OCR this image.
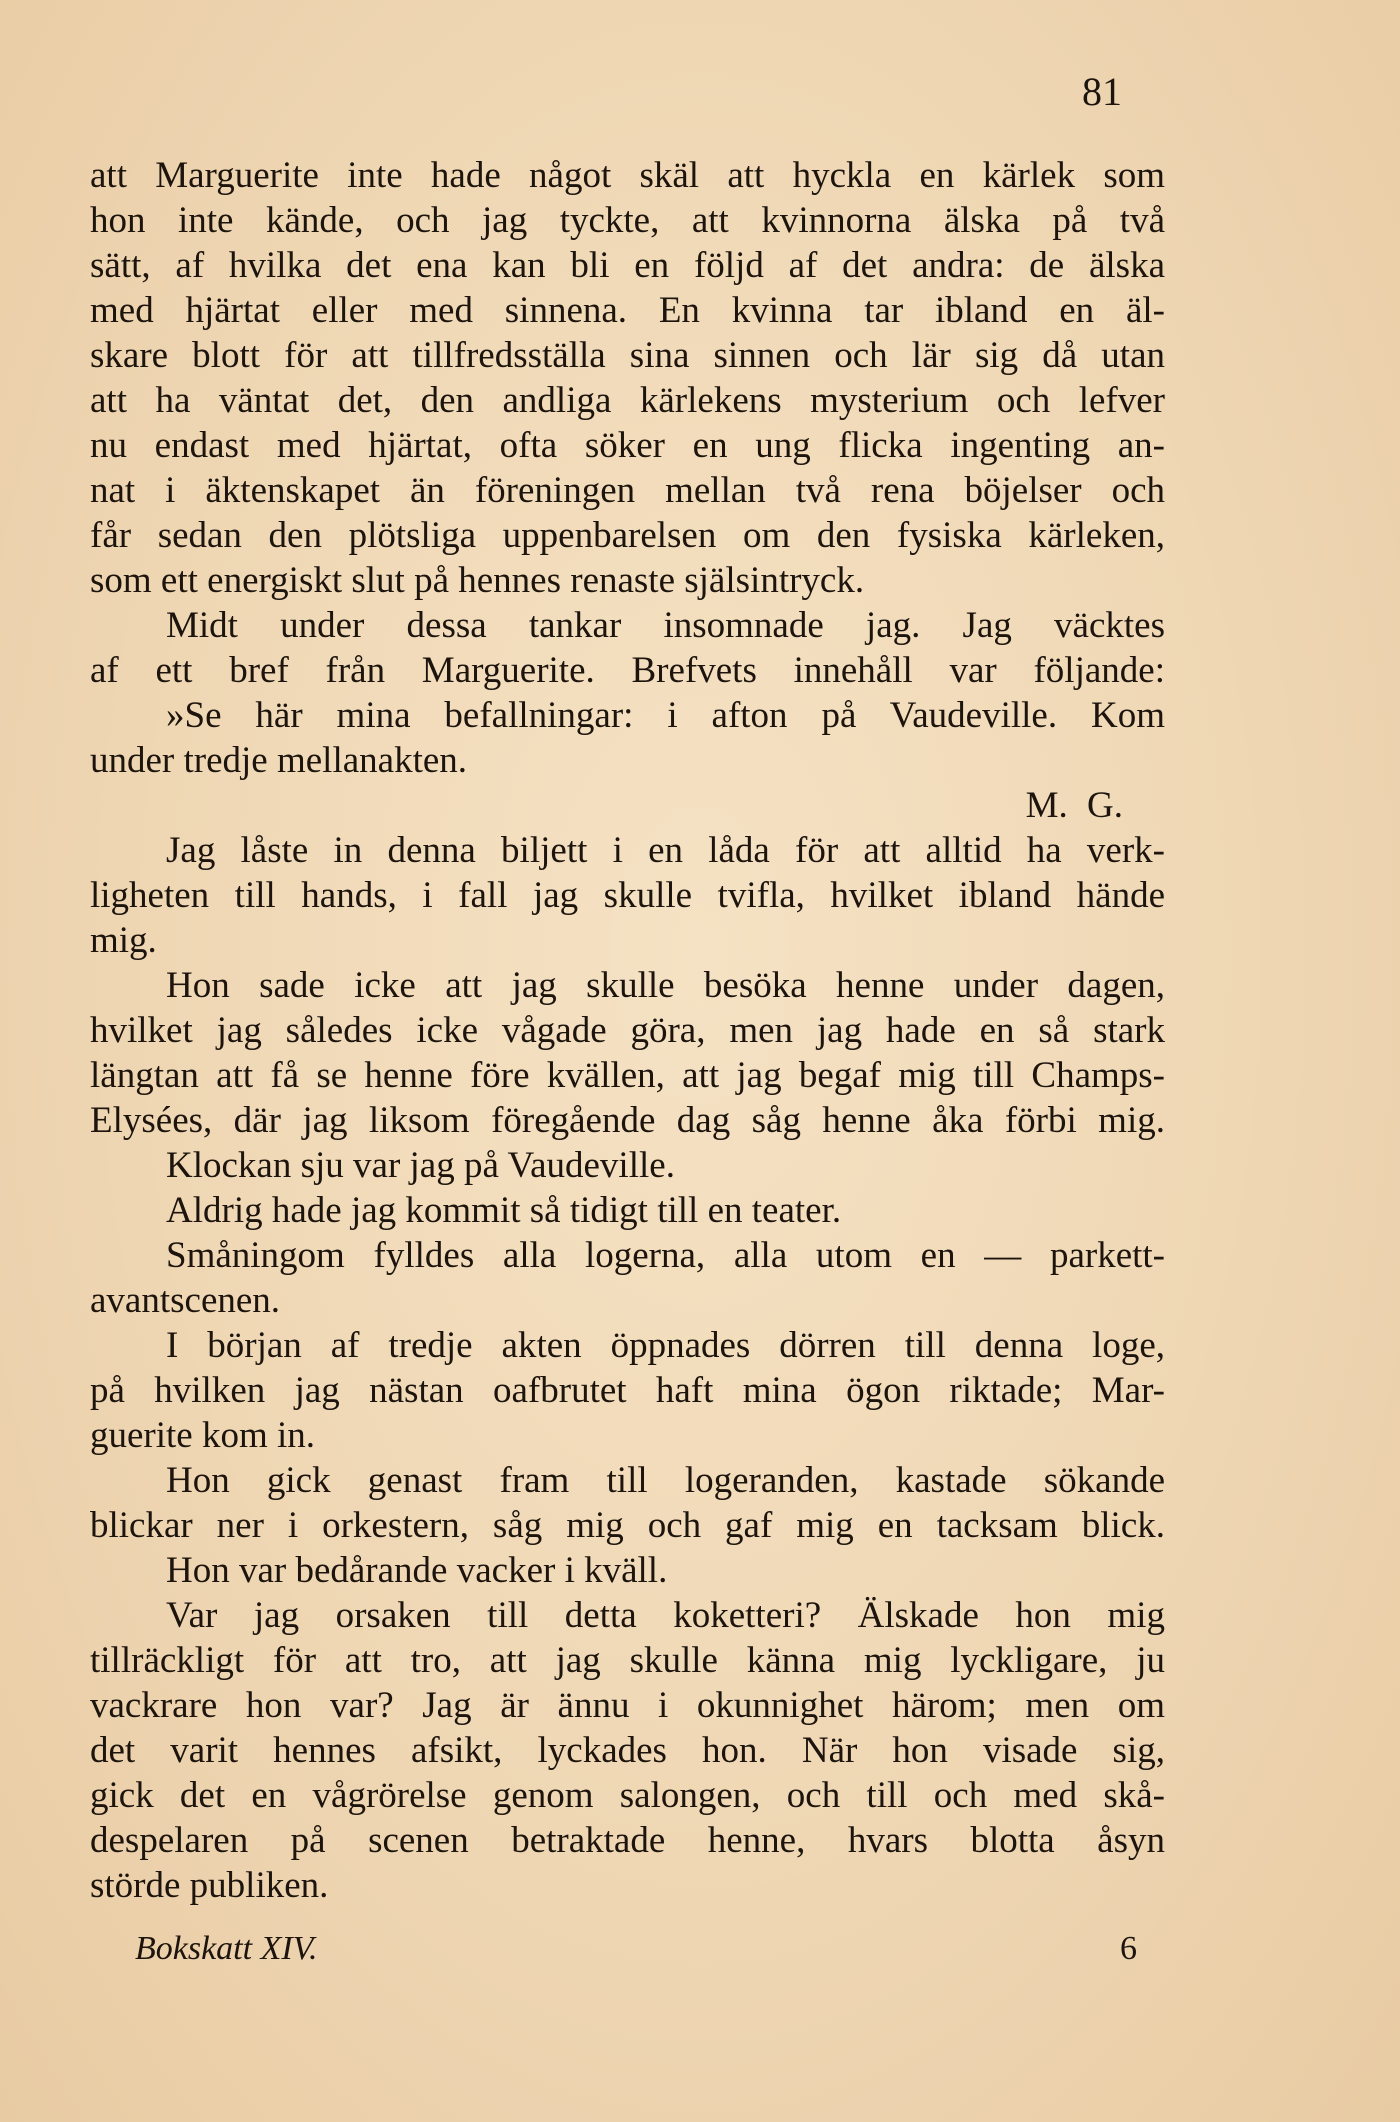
81
att Marguerite inte hade något skäl att hyckla en kärlek som
hon inte kände, och jag tyckte, att kvinnorna älska på två
sätt, af hvilka det ena kan bli en följd af det andra: de älska
med hjärtat eller med sinnena. En kvinna tar ibland en äl-
skare blott för att tillfredsställa sina sinnen och lär sig då utan
att ha väntat det, den andliga kärlekens mysterium och lefver
nu endast med hjärtat, ofta söker en ung flicka ingenting an-
nat i äktenskapet än föreningen mellan två rena böjelser och
får sedan den plötsliga uppenbarelsen om den fysiska kärleken,
som ett energiskt slut på hennes renaste själsintryck.
Midt under dessa tankar insomnade jag. Jag väcktes
af ett bref från Marguerite. Brefvets innehåll var följande:
»Se här mina befallningar: i afton på Vaudeville. Kom
under tredje mellanakten.
M. G.
Jag låste in denna biljett i en låda för att alltid ha verk-
ligheten till hands, i fall jag skulle tvifla, hvilket ibland hände
mig.
Hon sade icke att jag skulle besöka henne under dagen,
hvilket jag således icke vågade göra, men jag hade en så stark
längtan att få se henne före kvällen, att jag begaf mig till Champs-
Elysées, där jag liksom föregående dag såg henne åka förbi mig.
Klockan sju var jag på Vaudeville.
Aldrig hade jag kommit så tidigt till en teater.
Småningom fylldes alla logerna, alla utom en — parkett-
avantscenen.
I början af tredje akten öppnades dörren till denna loge,
på hvilken jag nästan oafbrutet haft mina ögon riktade; Mar-
guerite kom in.
Hon gick genast fram till logeranden, kastade sökande
blickar ner i orkestern, såg mig och gaf mig en tacksam blick.
Hon var bedårande vacker i kväll.
Var jag orsaken till detta koketteri? Älskade hon mig
tillräckligt för att tro, att jag skulle känna mig lyckligare, ju
vackrare hon var? Jag är ännu i okunnighet härom; men om
det varit hennes afsikt, lyckades hon. När hon visade sig,
gick det en vågrörelse genom salongen, och till och med skå-
despelaren på scenen betraktade henne, hvars blotta åsyn
störde publiken.
Bokskatt XIV.	6
